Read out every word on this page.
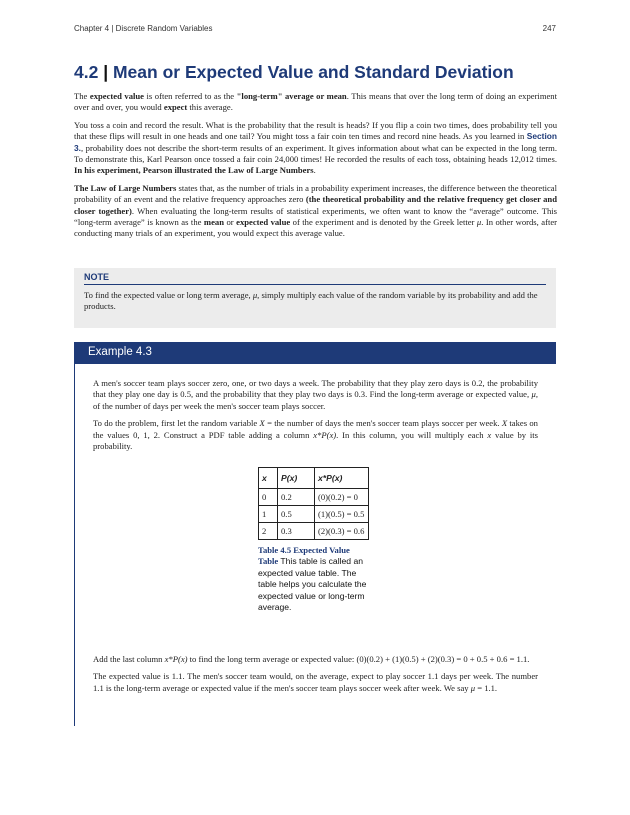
Chapter 4 | Discrete Random Variables	247
4.2 | Mean or Expected Value and Standard Deviation

The expected value is often referred to as the "long-term" average or mean. This means that over the long term of doing an experiment over and over, you would expect this average.

You toss a coin and record the result. What is the probability that the result is heads? If you flip a coin two times, does probability tell you that these flips will result in one heads and one tail? You might toss a fair coin ten times and record nine heads. As you learned in Section 3., probability does not describe the short-term results of an experiment. It gives information about what can be expected in the long term. To demonstrate this, Karl Pearson once tossed a fair coin 24,000 times! He recorded the results of each toss, obtaining heads 12,012 times. In his experiment, Pearson illustrated the Law of Large Numbers.

The Law of Large Numbers states that, as the number of trials in a probability experiment increases, the difference between the theoretical probability of an event and the relative frequency approaches zero (the theoretical probability and the relative frequency get closer and closer together). When evaluating the long-term results of statistical experiments, we often want to know the “average” outcome. This “long-term average” is known as the mean or expected value of the experiment and is denoted by the Greek letter μ. In other words, after conducting many trials of an experiment, you would expect this average value.

NOTE
To find the expected value or long term average, μ, simply multiply each value of the random variable by its probability and add the products.
Example 4.3

A men's soccer team plays soccer zero, one, or two days a week. The probability that they play zero days is 0.2, the probability that they play one day is 0.5, and the probability that they play two days is 0.3. Find the long-term average or expected value, μ, of the number of days per week the men's soccer team plays soccer.

To do the problem, first let the random variable X = the number of days the men's soccer team plays soccer per week. X takes on the values 0, 1, 2. Construct a PDF table adding a column x*P(x). In this column, you will multiply each x value by its probability.

x	P(x)	x*P(x)
0	0.2	(0)(0.2) = 0
1	0.5	(1)(0.5) = 0.5
2	0.3	(2)(0.3) = 0.6
Table 4.5 Expected Value Table This table is called an expected value table. The table helps you calculate the expected value or long-term average.

Add the last column x*P(x) to find the long term average or expected value: (0)(0.2) + (1)(0.5) + (2)(0.3) = 0 + 0.5 + 0.6 = 1.1.

The expected value is 1.1. The men's soccer team would, on the average, expect to play soccer 1.1 days per week. The number 1.1 is the long-term average or expected value if the men's soccer team plays soccer week after week. We say μ = 1.1.
